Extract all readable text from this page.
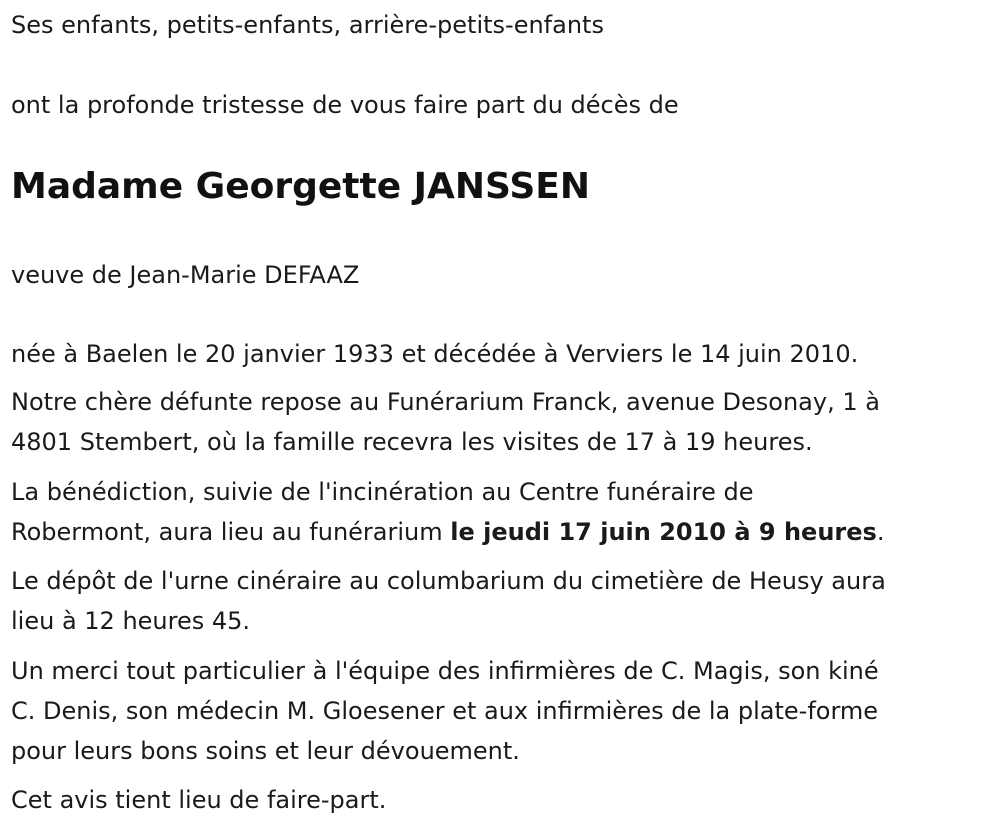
Ses enfants, petits-enfants, arrière-petits-enfants

ont la profonde tristesse de vous faire part du décès de

Madame Georgette JANSSEN

veuve de Jean-Marie DEFAAZ

née à Baelen le 20 janvier 1933 et décédée à Verviers le 14 juin 2010.

Notre chère défunte repose au Funérarium Franck, avenue Desonay, 1 à

4801 Stembert, où la famille recevra les visites de 17 à 19 heures.

La bénédiction, suivie de l'incinération au Centre funéraire de

Robermont, aura lieu au funérarium le jeudi 17 juin 2010 à 9 heures.

Le dépôt de l'urne cinéraire au columbarium du cimetière de Heusy aura

lieu à 12 heures 45.

Un merci tout particulier à l'équipe des infirmières de C. Magis, son kiné

C. Denis, son médecin M. Gloesener et aux infirmières de la plate-forme

pour leurs bons soins et leur dévouement.

Cet avis tient lieu de faire-part.
